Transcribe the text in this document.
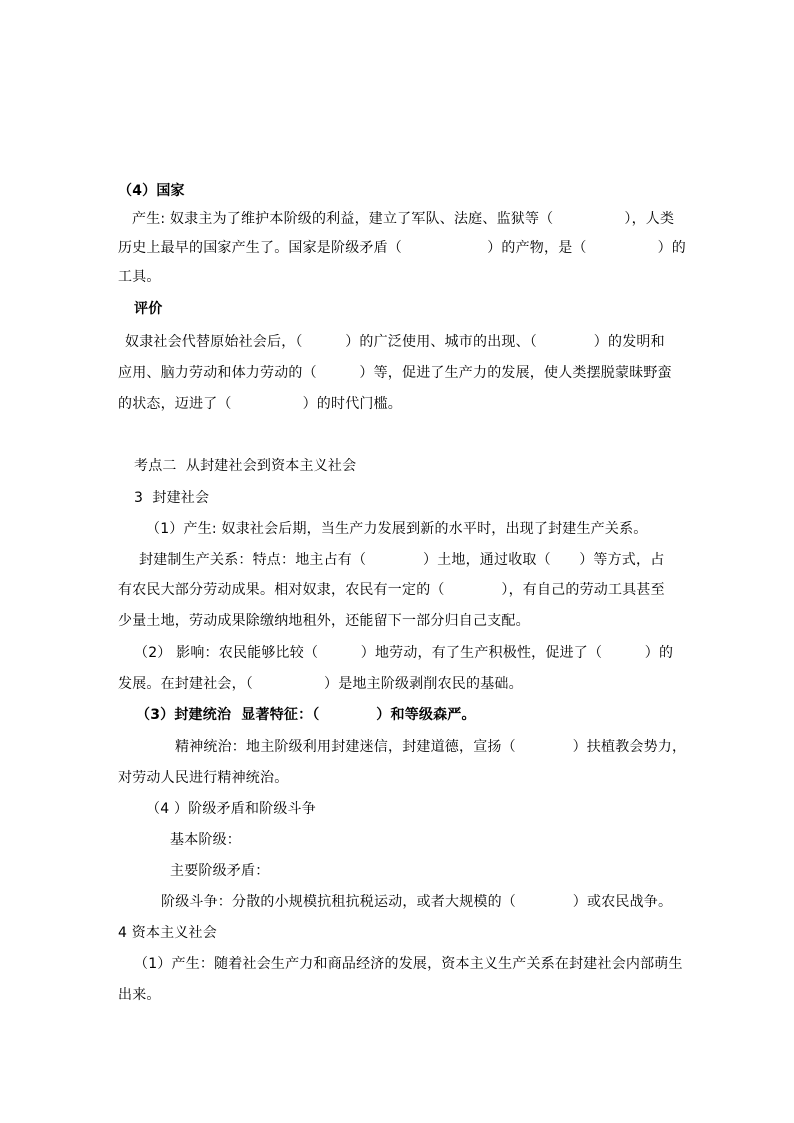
（4）国家
产生: 奴隶主为了维护本阶级的利益，建立了军队、法庭、监狱等（　　　　　），人类
历史上最早的国家产生了。国家是阶级矛盾（　　　　　　）的产物，是（　　　　　）的
工具。
评价
奴隶社会代替原始社会后，（　　　）的广泛使用、城市的出现、（　　　　）的发明和
应用、脑力劳动和体力劳动的（　　　）等，促进了生产力的发展，使人类摆脱蒙昧野蛮
的状态，迈进了（　　　　　）的时代门槛。
考点二  从封建社会到资本主义社会
3  封建社会
（1）产生: 奴隶社会后期，当生产力发展到新的水平时，出现了封建生产关系。
封建制生产关系：特点：地主占有（　　　　）土地，通过收取（　　）等方式，占
有农民大部分劳动成果。相对奴隶，农民有一定的（　　　　），有自己的劳动工具甚至
少量土地，劳动成果除缴纳地租外，还能留下一部分归自己支配。
（2） 影响：农民能够比较（　　　）地劳动，有了生产积极性，促进了（　　　）的
发展。在封建社会，（　　　　　）是地主阶级剥削农民的基础。
（3）封建统治  显著特征：（　　　　）和等级森严。
精神统治：地主阶级利用封建迷信，封建道德，宣扬（　　　　）扶植教会势力，
对劳动人民进行精神统治。
（4 ）阶级矛盾和阶级斗争
基本阶级：
主要阶级矛盾：
阶级斗争：分散的小规模抗租抗税运动，或者大规模的（　　　　）或农民战争。
4 资本主义社会
（1）产生：随着社会生产力和商品经济的发展，资本主义生产关系在封建社会内部萌生
出来。
